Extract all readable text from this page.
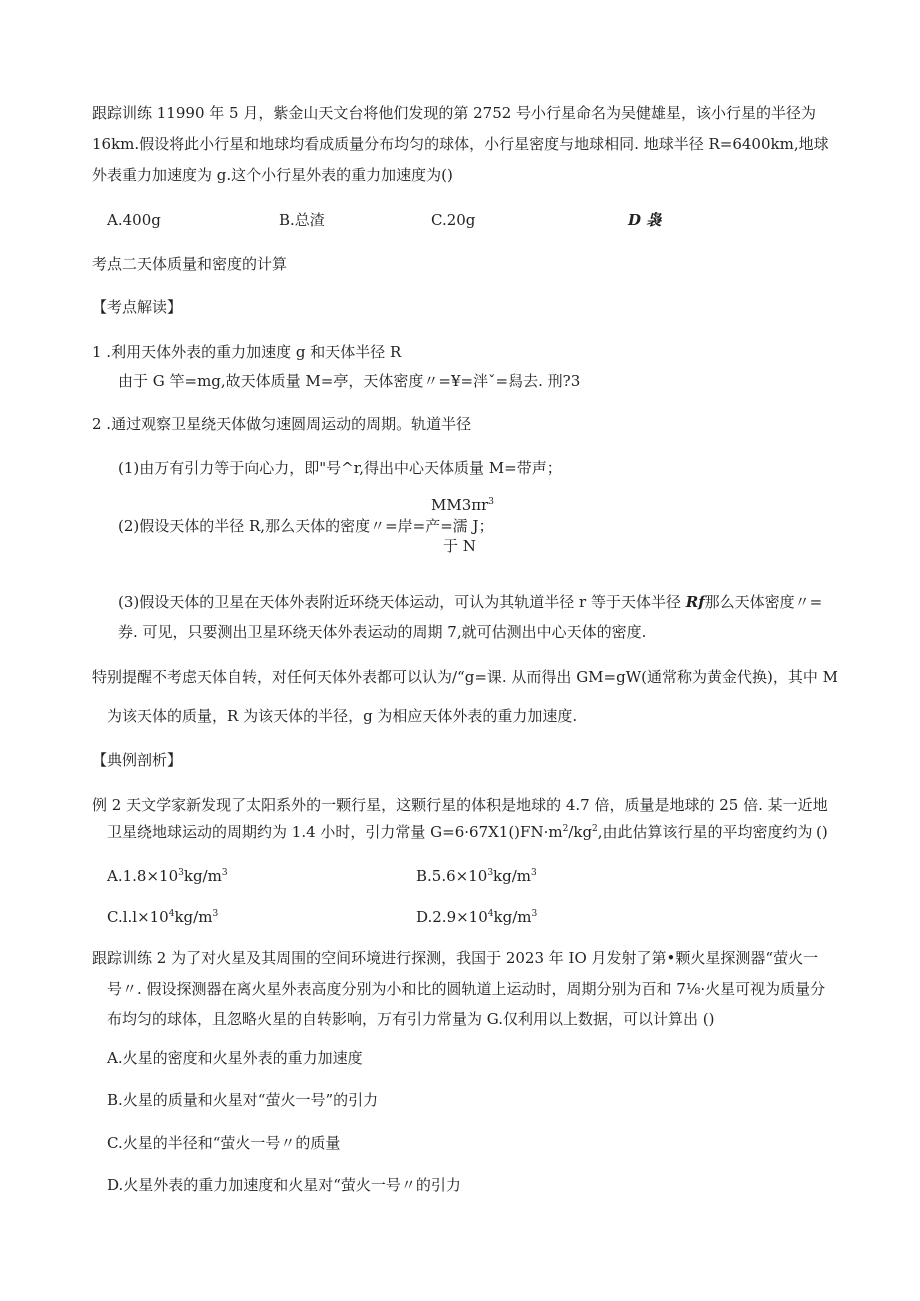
跟踪训练 11990 年 5 月，紫金山天文台将他们发现的第 2752 号小行星命名为吴健雄星，该小行星的半径为
16km.假设将此小行星和地球均看成质量分布均匀的球体，小行星密度与地球相同. 地球半径 R=6400km,地球
外表重力加速度为 g.这个小行星外表的重力加速度为()
A.400g	B.总渣	C.20g	D 袅
考点二天体质量和密度的计算
【考点解读】
1 .利用天体外表的重力加速度 g 和天体半径 R
由于 G 竿=mg,故天体质量 M=亭，天体密度〃=¥=泮ˇ=舄去. 刑?3
2 .通过观察卫星绕天体做匀速圆周运动的周期。轨道半径
(1)由万有引力等于向心力，即"号^r,得出中心天体质量 M=带声；
$MM3\pi r^3$
(2)假设天体的半径 R,那么天体的密度〃=岸=产=濡 J；
于 N
(3)假设天体的卫星在天体外表附近环绕天体运动，可认为其轨道半径 r 等于天体半径 Rf那么天体密度〃=
券. 可见，只要测出卫星环绕天体外表运动的周期 7,就可估测出中心天体的密度.
特别提醒不考虑天体自转，对任何天体外表都可以认为/“g=课. 从而得出 GM=gW(通常称为黄金代换)，其中 M
为该天体的质量，R 为该天体的半径，g 为相应天体外表的重力加速度.
【典例剖析】
例 2 天文学家新发现了太阳系外的一颗行星，这颗行星的体积是地球的 4.7 倍，质量是地球的 25 倍. 某一近地
卫星绕地球运动的周期约为 1.4 小时，引力常量 $G=6\cdot 67X1()FN\cdot m^2/kg^2$,由此估算该行星的平均密度约为 ()
$A.1.8\times 10^3kg/m^3$	$B.5.6\times 10^3kg/m^3$
$C.l.l\times 10^4kg/m^3$	$D.2.9\times 10^4kg/m^3$
跟踪训练 2 为了对火星及其周围的空间环境进行探测，我国于 2023 年 IO 月发射了第•颗火星探测器“萤火一
号〃. 假设探测器在离火星外表高度分别为小和比的圆轨道上运动时，周期分别为百和 7⅛·火星可视为质量分
布均匀的球体，且忽略火星的自转影响，万有引力常量为 G.仅利用以上数据，可以计算出 ()
A.火星的密度和火星外表的重力加速度
B.火星的质量和火星对“萤火一号”的引力
C.火星的半径和“萤火一号〃的质量
D.火星外表的重力加速度和火星对“萤火一号〃的引力
